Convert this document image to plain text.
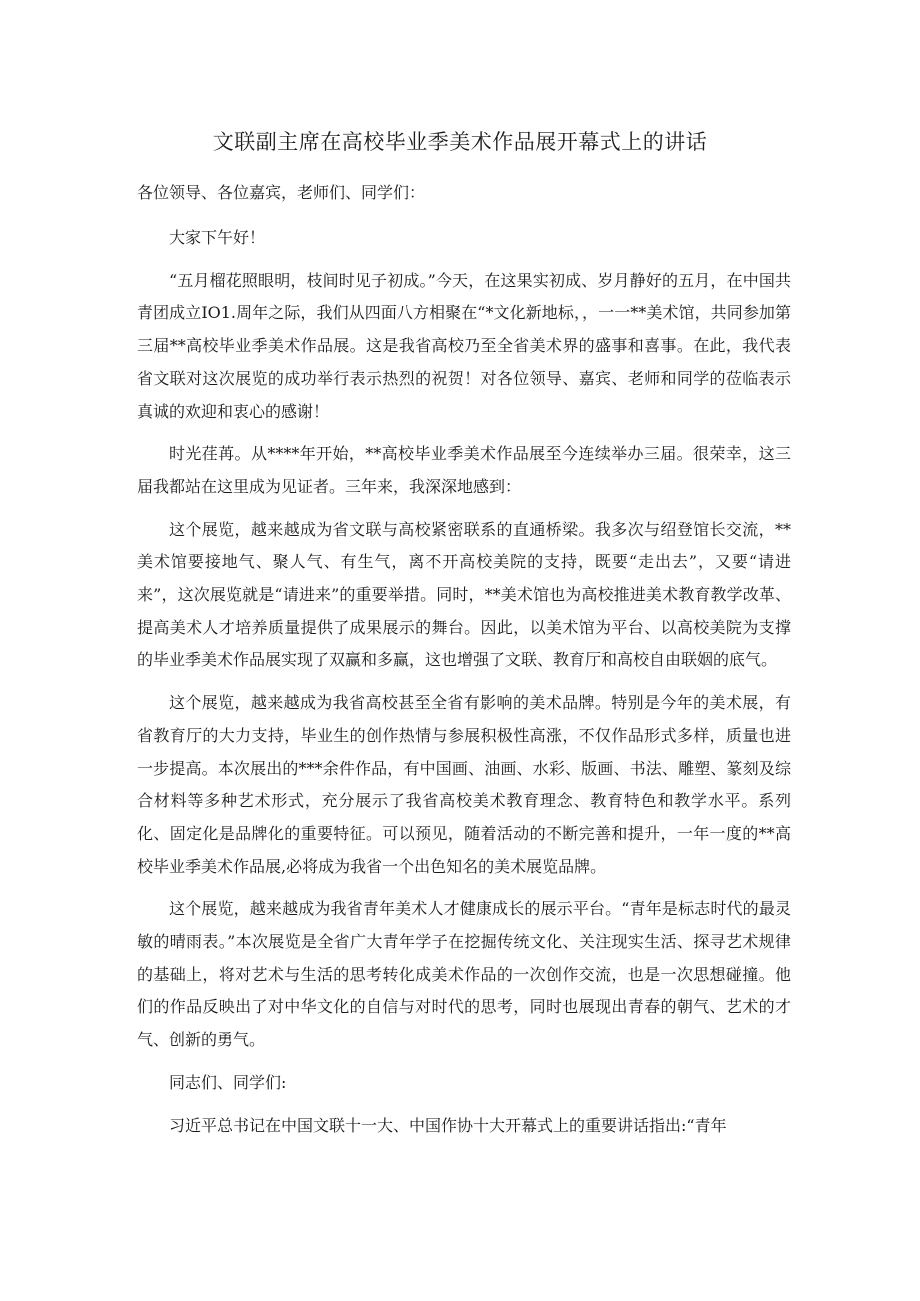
文联副主席在高校毕业季美术作品展开幕式上的讲话

各位领导、各位嘉宾，老师们、同学们：

大家下午好！

“五月榴花照眼明，枝间时见子初成。”今天，在这果实初成、岁月静好的五月，在中国共青团成立IO1.周年之际，我们从四面八方相聚在“*文化新地标，，一一**美术馆，共同参加第三届**高校毕业季美术作品展。这是我省高校乃至全省美术界的盛事和喜事。在此，我代表省文联对这次展览的成功举行表示热烈的祝贺！对各位领导、嘉宾、老师和同学的莅临表示真诚的欢迎和衷心的感谢！

时光荏苒。从****年开始，**高校毕业季美术作品展至今连续举办三届。很荣幸，这三届我都站在这里成为见证者。三年来，我深深地感到：

这个展览，越来越成为省文联与高校紧密联系的直通桥梁。我多次与绍登馆长交流，**美术馆要接地气、聚人气、有生气，离不开高校美院的支持，既要“走出去”，又要“请进来”，这次展览就是“请进来”的重要举措。同时，**美术馆也为高校推进美术教育教学改革、提高美术人才培养质量提供了成果展示的舞台。因此，以美术馆为平台、以高校美院为支撑的毕业季美术作品展实现了双赢和多赢，这也增强了文联、教育厅和高校自由联姻的底气。

这个展览，越来越成为我省高校甚至全省有影响的美术品牌。特别是今年的美术展，有省教育厅的大力支持，毕业生的创作热情与参展积极性高涨，不仅作品形式多样，质量也进一步提高。本次展出的***余件作品，有中国画、油画、水彩、版画、书法、雕塑、篆刻及综合材料等多种艺术形式，充分展示了我省高校美术教育理念、教育特色和教学水平。系列化、固定化是品牌化的重要特征。可以预见，随着活动的不断完善和提升，一年一度的**高校毕业季美术作品展,必将成为我省一个出色知名的美术展览品牌。

这个展览，越来越成为我省青年美术人才健康成长的展示平台。“青年是标志时代的最灵敏的晴雨表。”本次展览是全省广大青年学子在挖掘传统文化、关注现实生活、探寻艺术规律的基础上，将对艺术与生活的思考转化成美术作品的一次创作交流，也是一次思想碰撞。他们的作品反映出了对中华文化的自信与对时代的思考，同时也展现出青春的朝气、艺术的才气、创新的勇气。

同志们、同学们:

习近平总书记在中国文联十一大、中国作协十大开幕式上的重要讲话指出:“青年
